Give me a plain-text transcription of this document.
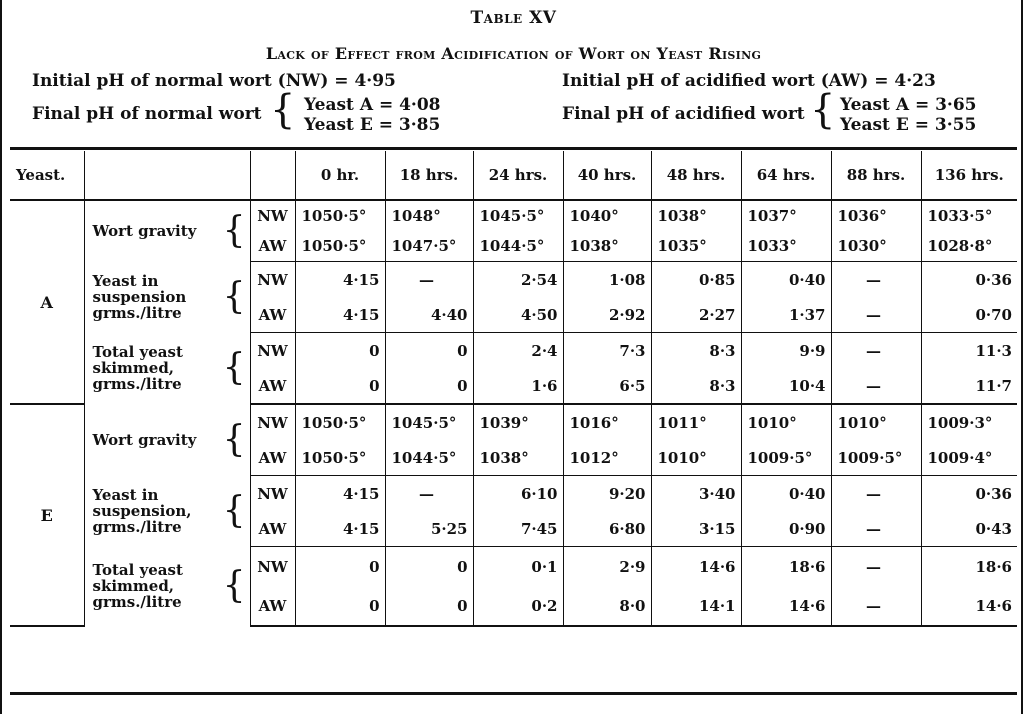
Table XV
Lack of Effect from Acidification of Wort on Yeast Rising
Initial pH of normal wort (NW) = 4·95	Initial pH of acidified wort (AW) = 4·23
Final pH of normal wort { Yeast A = 4·08
Yeast E = 3·85
Final pH of acidified wort { Yeast A = 3·65
Yeast E = 3·55
Yeast.			0 hr.	18 hrs.	24 hrs.	40 hrs.	48 hrs.	64 hrs.	88 hrs.	136 hrs.
A	Wort gravity {	NW	1050·5°	1048°	1045·5°	1040°	1038°	1037°	1036°	1033·5°
		AW	1050·5°	1047·5°	1044·5°	1038°	1035°	1033°	1030°	1028·8°

	Yeast in suspension grms./litre {	NW	4·15	—	2·54	1·08	0·85	0·40	—	0·36
		AW	4·15	4·40	4·50	2·92	2·27	1·37	—	0·70

	Total yeast skimmed, grms./litre {	NW	0	0	2·4	7·3	8·3	9·9	—	11·3
		AW	0	0	1·6	6·5	8·3	10·4	—	11·7
E	Wort gravity {	NW	1050·5°	1045·5°	1039°	1016°	1011°	1010°	1010°	1009·3°
		AW	1050·5°	1044·5°	1038°	1012°	1010°	1009·5°	1009·5°	1009·4°

	Yeast in suspension, grms./litre {	NW	4·15	—	6·10	9·20	3·40	0·40	—	0·36
		AW	4·15	5·25	7·45	6·80	3·15	0·90	—	0·43

	Total yeast skimmed, grms./litre {	NW	0	0	0·1	2·9	14·6	18·6	—	18·6
		AW	0	0	0·2	8·0	14·1	14·6	—	14·6
